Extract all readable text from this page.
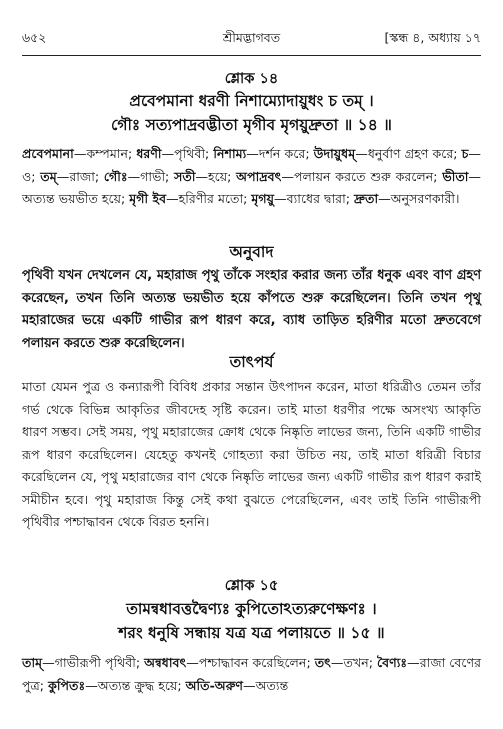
৬৫২	শ্রীমদ্ভাগবত	[স্কন্ধ ৪, অধ্যায় ১৭
শ্লোক ১৪
প্রবেপমানা ধরণী নিশাম্যোদায়ুধং চ তম্ ।
গৌঃ সত্যপাদ্রবদ্ভীতা মৃগীব মৃগয়ুদ্রুতা ॥ ১৪ ॥

প্রবেপমানা—কম্পমান; ধরণী—পৃথিবী; নিশাম্য—দর্শন করে; উদায়ুধম্—ধনুর্বাণ গ্রহণ করে; চ—ও; তম্—রাজা; গৌঃ—গাভী; সতী—হয়ে; অপাদ্রবৎ—পলায়ন করতে শুরু করলেন; ভীতা—অত্যন্ত ভয়ভীত হয়ে; মৃগী ইব—হরিণীর মতো; মৃগয়ু—ব্যাধের দ্বারা; দ্রুতা—অনুসরণকারী।

অনুবাদ

পৃথিবী যখন দেখলেন যে, মহারাজ পৃথু তাঁকে সংহার করার জন্য তাঁর ধনুক এবং বাণ গ্রহণ করেছেন, তখন তিনি অত্যন্ত ভয়ভীত হয়ে কাঁপতে শুরু করেছিলেন। তিনি তখন পৃথু মহারাজের ভয়ে একটি গাভীর রূপ ধারণ করে, ব্যাধ তাড়িত হরিণীর মতো দ্রুতবেগে পলায়ন করতে শুরু করেছিলেন।

তাৎপর্য

মাতা যেমন পুত্র ও কন্যারূপী বিবিধ প্রকার সন্তান উৎপাদন করেন, মাতা ধরিত্রীও তেমন তাঁর গর্ভ থেকে বিভিন্ন আকৃতির জীবদেহ সৃষ্টি করেন। তাই মাতা ধরণীর পক্ষে অসংখ্য আকৃতি ধারণ সম্ভব। সেই সময়, পৃথু মহারাজের ক্রোধ থেকে নিষ্কৃতি লাভের জন্য, তিনি একটি গাভীর রূপ ধারণ করেছিলেন। যেহেতু কখনই গোহত্যা করা উচিত নয়, তাই মাতা ধরিত্রী বিচার করেছিলেন যে, পৃথু মহারাজের বাণ থেকে নিষ্কৃতি লাভের জন্য একটি গাভীর রূপ ধারণ করাই সমীচীন হবে। পৃথু মহারাজ কিন্তু সেই কথা বুঝতে পেরেছিলেন, এবং তাই তিনি গাভীরূপী পৃথিবীর পশ্চাদ্ধাবন থেকে বিরত হননি।

শ্লোক ১৫
তামন্বধাবত্তদ্বৈণ্যঃ কুপিতোঽত্যরুণেক্ষণঃ ।
শরং ধনুষি সন্ধায় যত্র যত্র পলায়তে ॥ ১৫ ॥

তাম্—গাভীরূপী পৃথিবী; অন্বধাবৎ—পশ্চাদ্ধাবন করেছিলেন; তৎ—তখন; বৈণ্যঃ—রাজা বেণের পুত্র; কুপিতঃ—অত্যন্ত ক্রুদ্ধ হয়ে; অতি-অরুণ—অত্যন্ত
